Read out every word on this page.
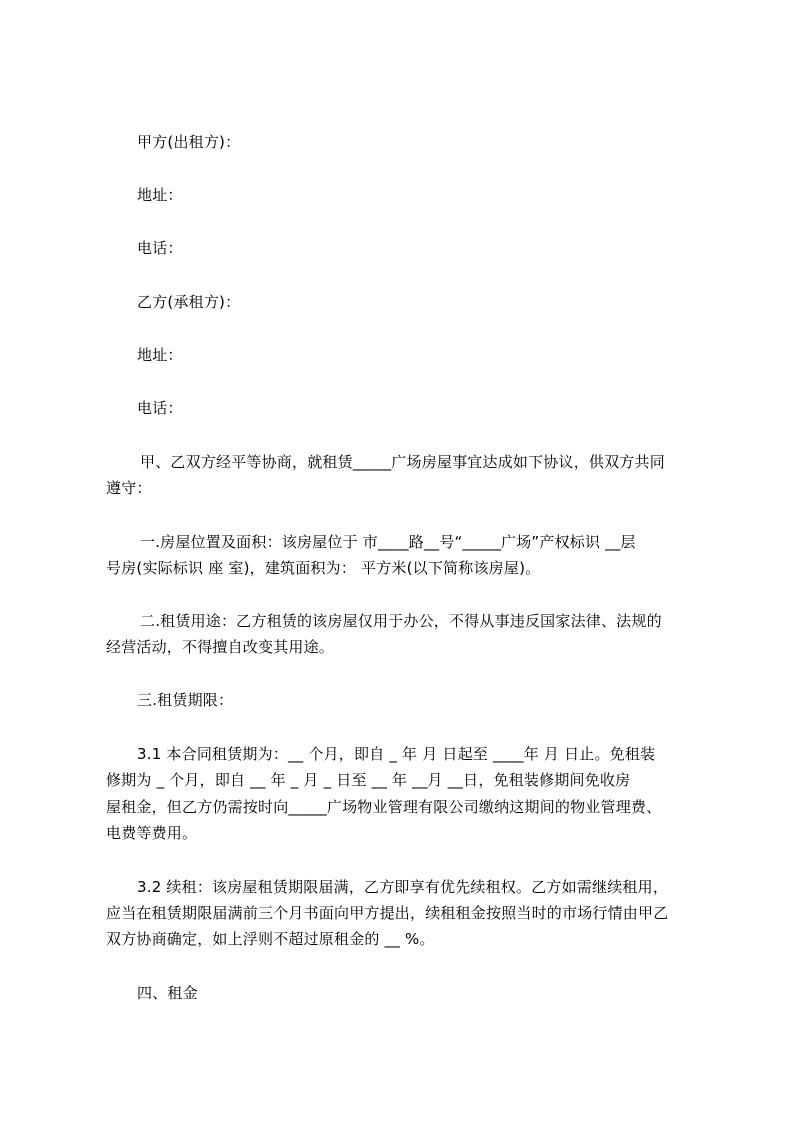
甲方(出租方)：
地址：
电话：
乙方(承租方)：
地址：
电话：
甲、乙双方经平等协商，就租赁_____广场房屋事宜达成如下协议，供双方共同
遵守：
一.房屋位置及面积：该房屋位于 市____路__号“_____广场”产权标识 __层
号房(实际标识 座 室)，建筑面积为： 平方米(以下简称该房屋)。
二.租赁用途：乙方租赁的该房屋仅用于办公，不得从事违反国家法律、法规的
经营活动，不得擅自改变其用途。
三.租赁期限：
3.1 本合同租赁期为：__ 个月，即自 _ 年 月 日起至 ____年 月 日止。免租装
修期为 _ 个月，即自 __ 年 _ 月 _ 日至 __ 年 __月 __日，免租装修期间免收房
屋租金，但乙方仍需按时向_____广场物业管理有限公司缴纳这期间的物业管理费、
电费等费用。
3.2 续租：该房屋租赁期限届满，乙方即享有优先续租权。乙方如需继续租用，
应当在租赁期限届满前三个月书面向甲方提出，续租租金按照当时的市场行情由甲乙
双方协商确定，如上浮则不超过原租金的 __ %。
四、租金
